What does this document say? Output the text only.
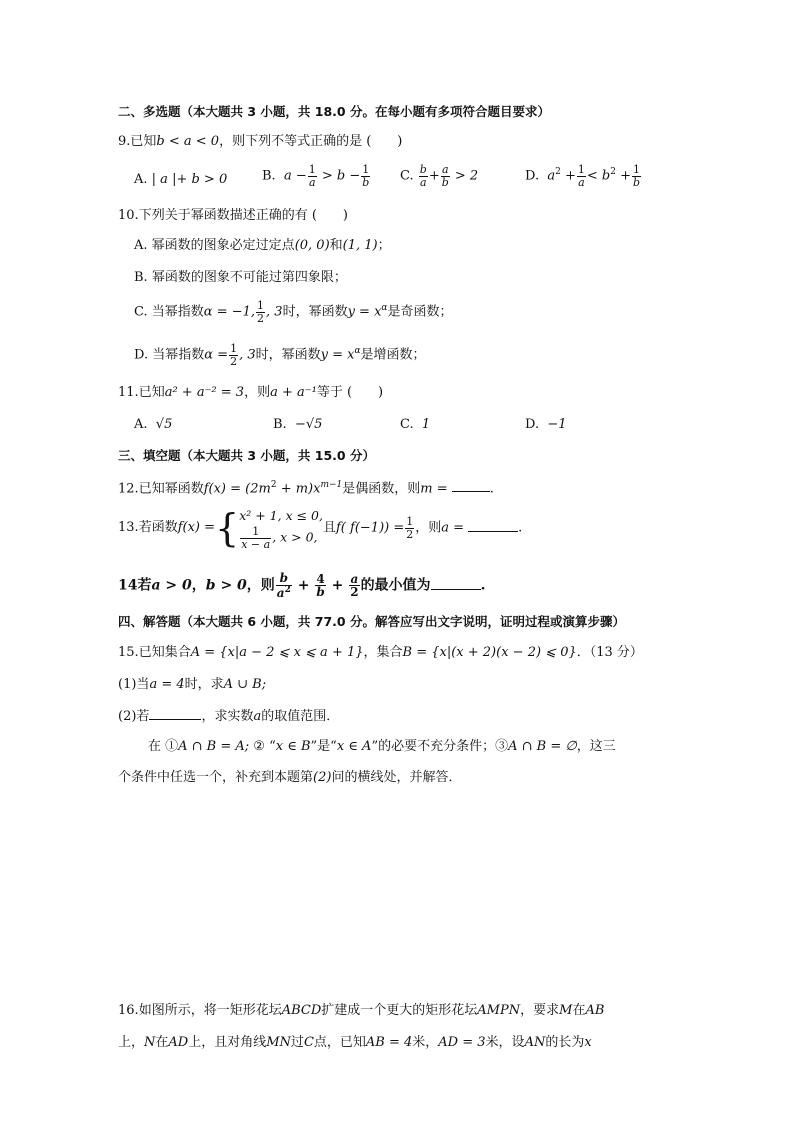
二、多选题（本大题共 3 小题，共 18.0 分。在每小题有多项符合题目要求）
9.已知b < a < 0，则下列不等式正确的是 (　　)
A. | a |+ b > 0	B. $a - \frac{1}{a} > b - \frac{1}{b} C$. $\frac{b}{a} + \frac{a}{b} > 2$	D. $a^2 + \frac{1}{a} < b^2 + \frac{1}{b}$
10.下列关于幂函数描述正确的有 (　　)
A. 幂函数的图象必定过定点(0, 0)和(1, 1)；
B. 幂函数的图象不可能过第四象限；
C. 当幂指数α = −1, $\frac{1}{2}$ , 3时，幂函数$y = x^\alpha$是奇函数；
D. 当幂指数$\alpha = \frac{1}{2}$ , 3时，幂函数$y = x^\alpha$是增函数；
11.已知a² + a⁻² = 3，则a + a⁻¹等于 (　　)
A. √5	B. −√5	C. 1	D. −1
三、填空题（本大题共 3 小题，共 15.0 分）
12.已知幂函数$f(x) = (2m^2 + m)x^{m-1}$是偶函数，则m =	.
13.若函数f(x) ={ x² + 1, x ≤ 0,
$\frac{1}{x - a}$ , x > 0,
且f( $f(-1)) = \frac{1}{2}$ ，则a =	.
14若a > 0，b > 0，则 $\frac{b}{a^2} + \frac{4}{b} + \frac{a}{2}$ 的最小值为	.
四、解答题（本大题共 6 小题，共 77.0 分。解答应写出文字说明，证明过程或演算步骤）
15.已知集合A = {x|a − 2 ⩽ x ⩽ a + 1}，集合B = {x|(x + 2)(x − 2) ⩽ 0}．（13 分）
(1)当a = 4时，求A ∪ B;
(2)若	，求实数a的取值范围．
在 ①A ∩ B = A; ② “x ∈ B”是“x ∈ A”的必要不充分条件；③A ∩ B = ∅，这三
个条件中任选一个，补充到本题第(2)问的横线处，并解答．
16.如图所示，将一矩形花坛ABCD扩建成一个更大的矩形花坛AMPN，要求M在AB
上，N在AD上，且对角线MN过C点，已知AB = 4米，AD = 3米，设AN的长为x
